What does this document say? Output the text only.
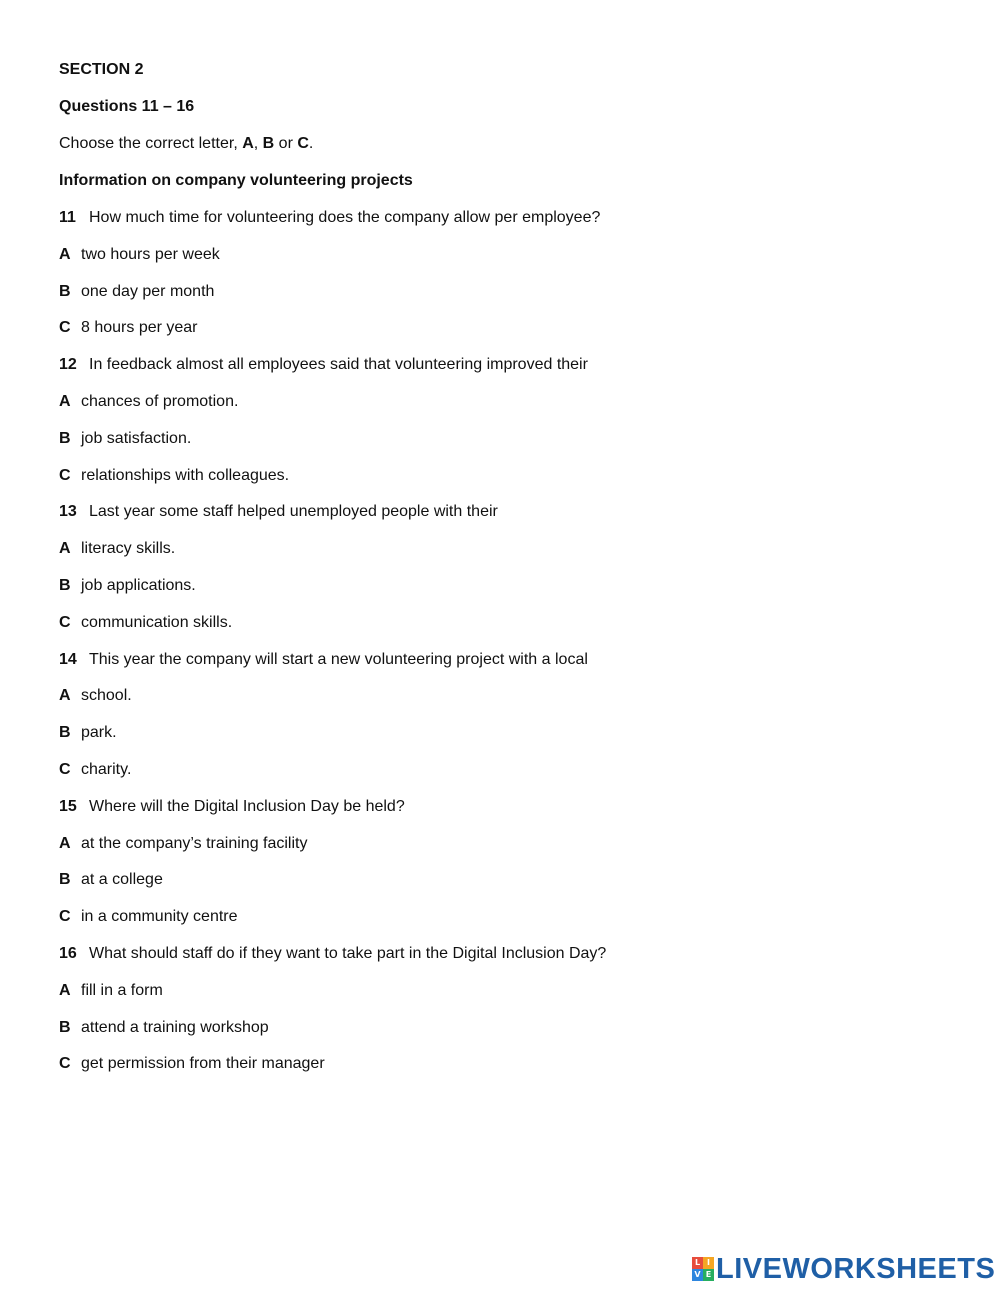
SECTION 2
Questions 11 – 16
Choose the correct letter, A, B or C.
Information on company volunteering projects
11 How much time for volunteering does the company allow per employee?
A two hours per week
B one day per month
C 8 hours per year
12 In feedback almost all employees said that volunteering improved their
A chances of promotion.
B job satisfaction.
C relationships with colleagues.
13 Last year some staff helped unemployed people with their
A literacy skills.
B job applications.
C communication skills.
14 This year the company will start a new volunteering project with a local
A school.
B park.
C charity.
15 Where will the Digital Inclusion Day be held?
A at the company’s training facility
B at a college
C in a community centre
16 What should staff do if they want to take part in the Digital Inclusion Day?
A fill in a form
B attend a training workshop
C get permission from their manager
L I
V E LIVEWORKSHEETS
